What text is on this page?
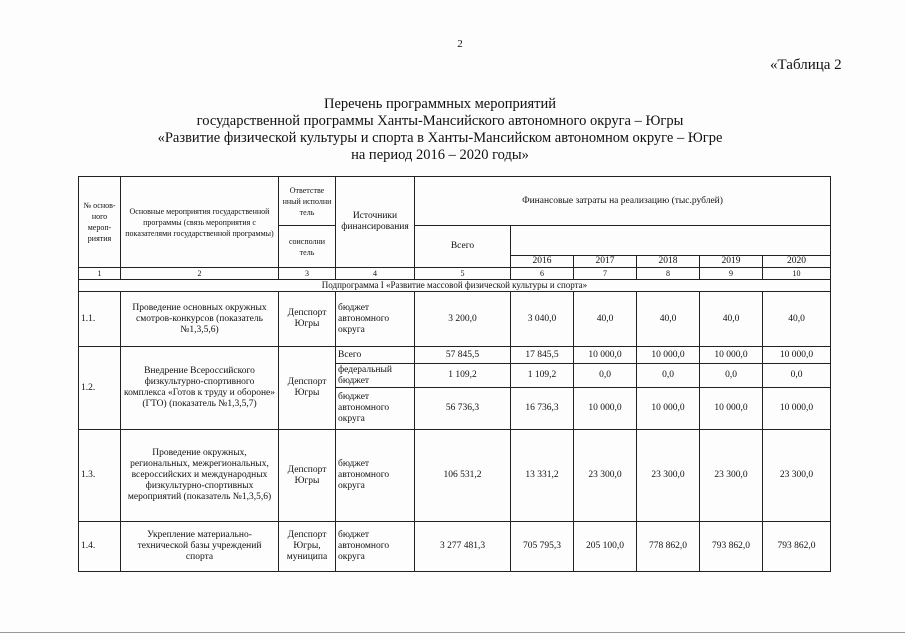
2
«Таблица 2
Перечень программных мероприятий
государственной программы Ханты-Мансийского автономного округа – Югры
«Развитие физической культуры и спорта в Ханты-Мансийском автономном округе – Югре
на период 2016 – 2020 годы»
№ основ-ного мероп-риятия	Основные мероприятия государственной программы (связь мероприятия с показателями государственной программы)	Ответстве нный исполни тель	Источники финансирования	Финансовые затраты на реализацию (тыс.рублей)					
		соисполни тель		Всего					
					2016	2017	2018	2019	2020
1	2	3	4	5	6	7	8	9	10
Подпрограмма I «Развитие массовой физической культуры и спорта»									
1.1.	Проведение основных окружных смотров-конкурсов (показатель №1,3,5,6)	Депспорт Югры	бюджет автономного округа	3 200,0	3 040,0	40,0	40,0	40,0	40,0
1.2.	Внедрение Всероссийского физкультурно-спортивного комплекса «Готов к труду и обороне» (ГТО) (показатель №1,3,5,7)	Депспорт Югры	Всего	57 845,5	17 845,5	10 000,0	10 000,0	10 000,0	10 000,0
			федеральный бюджет	1 109,2	1 109,2	0,0	0,0	0,0	0,0
			бюджет автономного округа	56 736,3	16 736,3	10 000,0	10 000,0	10 000,0	10 000,0
1.3.	Проведение окружных, региональных, межрегиональных, всероссийских и международных физкультурно-спортивных мероприятий (показатель №1,3,5,6)	Депспорт Югры	бюджет автономного округа	106 531,2	13 331,2	23 300,0	23 300,0	23 300,0	23 300,0
1.4.	Укрепление материально-технической базы учреждений спорта	Депспорт Югры, муниципа	бюджет автономного округа	3 277 481,3	705 795,3	205 100,0	778 862,0	793 862,0	793 862,0
